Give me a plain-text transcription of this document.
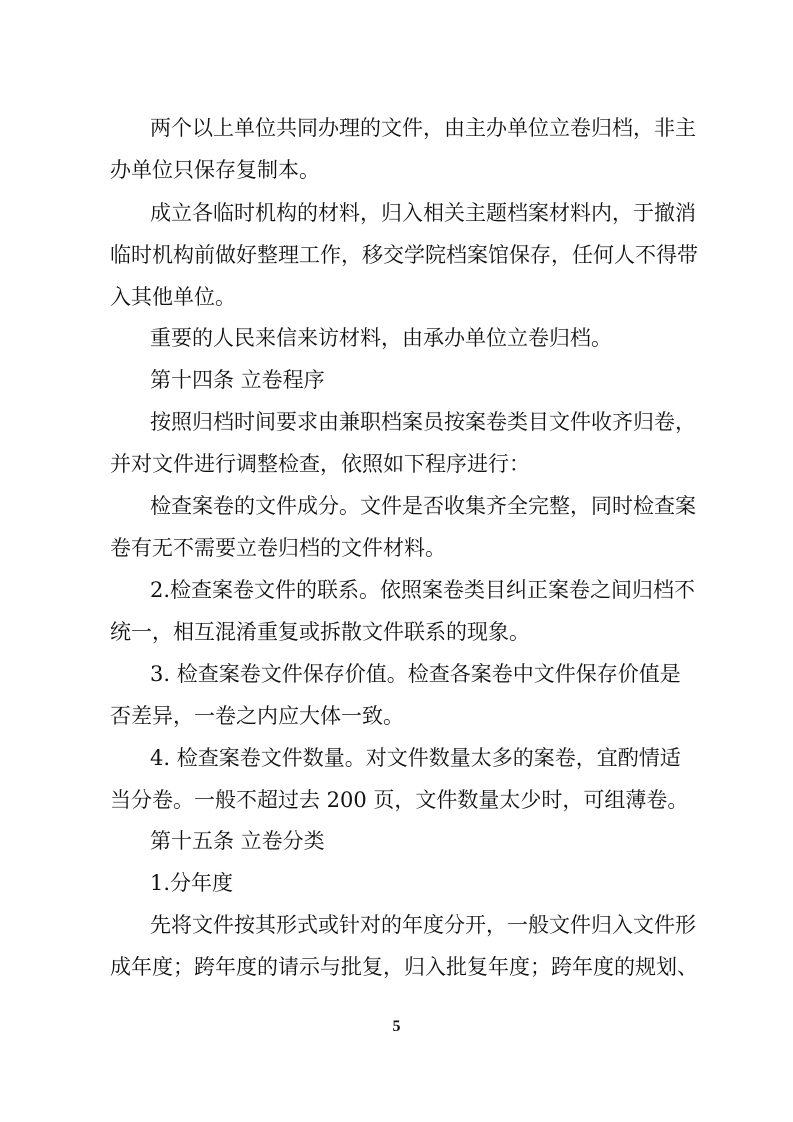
两个以上单位共同办理的文件，由主办单位立卷归档，非主
办单位只保存复制本。
成立各临时机构的材料，归入相关主题档案材料内，于撤消
临时机构前做好整理工作，移交学院档案馆保存，任何人不得带
入其他单位。
重要的人民来信来访材料，由承办单位立卷归档。
第十四条 立卷程序
按照归档时间要求由兼职档案员按案卷类目文件收齐归卷，
并对文件进行调整检查，依照如下程序进行：
检查案卷的文件成分。文件是否收集齐全完整，同时检查案
卷有无不需要立卷归档的文件材料。
2.检查案卷文件的联系。依照案卷类目纠正案卷之间归档不
统一，相互混淆重复或拆散文件联系的现象。
3. 检查案卷文件保存价值。检查各案卷中文件保存价值是
否差异，一卷之内应大体一致。
4. 检查案卷文件数量。对文件数量太多的案卷，宜酌情适
当分卷。一般不超过去 200 页，文件数量太少时，可组薄卷。
第十五条 立卷分类
1.分年度
先将文件按其形式或针对的年度分开，一般文件归入文件形
成年度；跨年度的请示与批复，归入批复年度；跨年度的规划、
5
